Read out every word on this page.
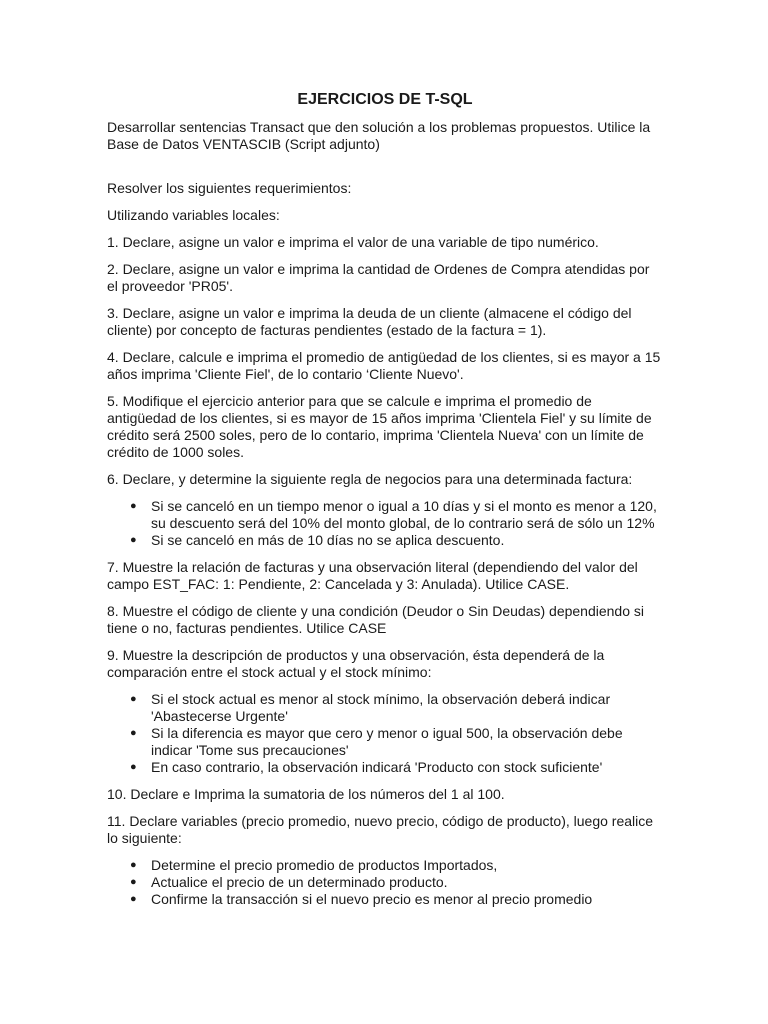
EJERCICIOS DE T-SQL

Desarrollar sentencias Transact que den solución a los problemas propuestos. Utilice la Base de Datos VENTASCIB (Script adjunto)

Resolver los siguientes requerimientos:

Utilizando variables locales:

1. Declare, asigne un valor e imprima el valor de una variable de tipo numérico.

2. Declare, asigne un valor e imprima la cantidad de Ordenes de Compra atendidas por el proveedor 'PR05'.

3. Declare, asigne un valor e imprima la deuda de un cliente (almacene el código del cliente) por concepto de facturas pendientes (estado de la factura = 1).

4. Declare, calcule e imprima el promedio de antigüedad de los clientes, si es mayor a 15 años imprima 'Cliente Fiel', de lo contario ‘Cliente Nuevo'.

5. Modifique el ejercicio anterior para que se calcule e imprima el promedio de antigüedad de los clientes, si es mayor de 15 años imprima 'Clientela Fiel' y su límite de crédito será 2500 soles, pero de lo contario, imprima 'Clientela Nueva' con un límite de crédito de 1000 soles.

6. Declare, y determine la siguiente regla de negocios para una determinada factura:

● Si se canceló en un tiempo menor o igual a 10 días y si el monto es menor a 120, su descuento será del 10% del monto global, de lo contrario será de sólo un 12%
● Si se canceló en más de 10 días no se aplica descuento.

7. Muestre la relación de facturas y una observación literal (dependiendo del valor del campo EST_FAC: 1: Pendiente, 2: Cancelada y 3: Anulada). Utilice CASE.

8. Muestre el código de cliente y una condición (Deudor o Sin Deudas) dependiendo si tiene o no, facturas pendientes. Utilice CASE

9. Muestre la descripción de productos y una observación, ésta dependerá de la comparación entre el stock actual y el stock mínimo:

● Si el stock actual es menor al stock mínimo, la observación deberá indicar 'Abastecerse Urgente'
● Si la diferencia es mayor que cero y menor o igual 500, la observación debe indicar 'Tome sus precauciones'
● En caso contrario, la observación indicará 'Producto con stock suficiente'

10. Declare e Imprima la sumatoria de los números del 1 al 100.

11. Declare variables (precio promedio, nuevo precio, código de producto), luego realice lo siguiente:

● Determine el precio promedio de productos Importados,
● Actualice el precio de un determinado producto.
● Confirme la transacción si el nuevo precio es menor al precio promedio
